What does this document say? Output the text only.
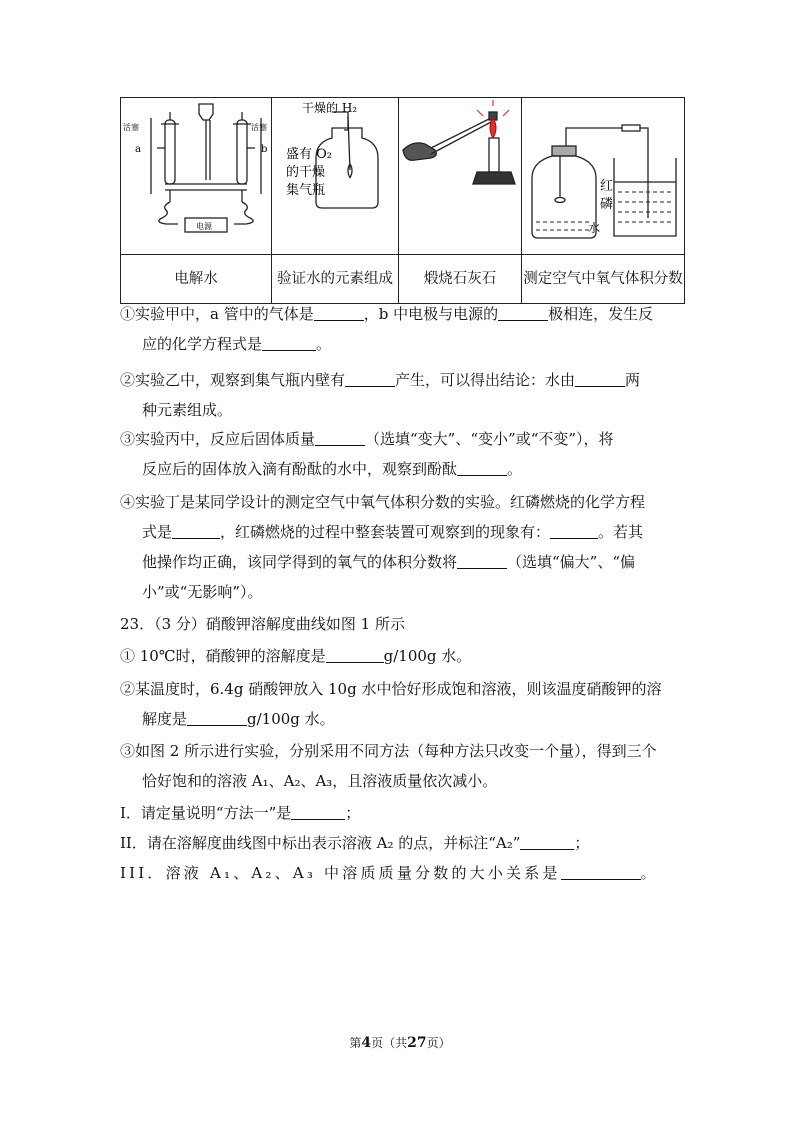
a b
活塞 活塞
电源	干燥的 H₂
盛有 O₂
的干燥
集气瓶		红
磷
水

电解水	验证水的元素组成	煅烧石灰石	测定空气中氧气体积分数
①实验甲中，a 管中的气体是	，b 中电极与电源的	极相连，发生反
应的化学方程式是	。
②实验乙中，观察到集气瓶内壁有	产生，可以得出结论：水由	两
种元素组成。
③实验丙中，反应后固体质量	（选填“变大”、“变小”或“不变”），将
反应后的固体放入滴有酚酞的水中，观察到酚酞	。
④实验丁是某同学设计的测定空气中氧气体积分数的实验。红磷燃烧的化学方程
式是	，红磷燃烧的过程中整套装置可观察到的现象有：	。若其
他操作均正确，该同学得到的氧气的体积分数将	（选填“偏大”、“偏
小”或“无影响”）。
23．（3 分）硝酸钾溶解度曲线如图 1 所示
① 10℃时，硝酸钾的溶解度是	g/100g 水。
②某温度时，6.4g 硝酸钾放入 10g 水中恰好形成饱和溶液，则该温度硝酸钾的溶
解度是	g/100g 水。
③如图 2 所示进行实验，分别采用不同方法（每种方法只改变一个量），得到三个
恰好饱和的溶液 A₁、A₂、A₃，且溶液质量依次减小。
I．请定量说明“方法一”是	；
II．请在溶解度曲线图中标出表示溶液 A₂ 的点，并标注“A₂”	；
III．溶液 A₁、A₂、A₃ 中溶质质量分数的大小关系是	。
第4页（共27页）
